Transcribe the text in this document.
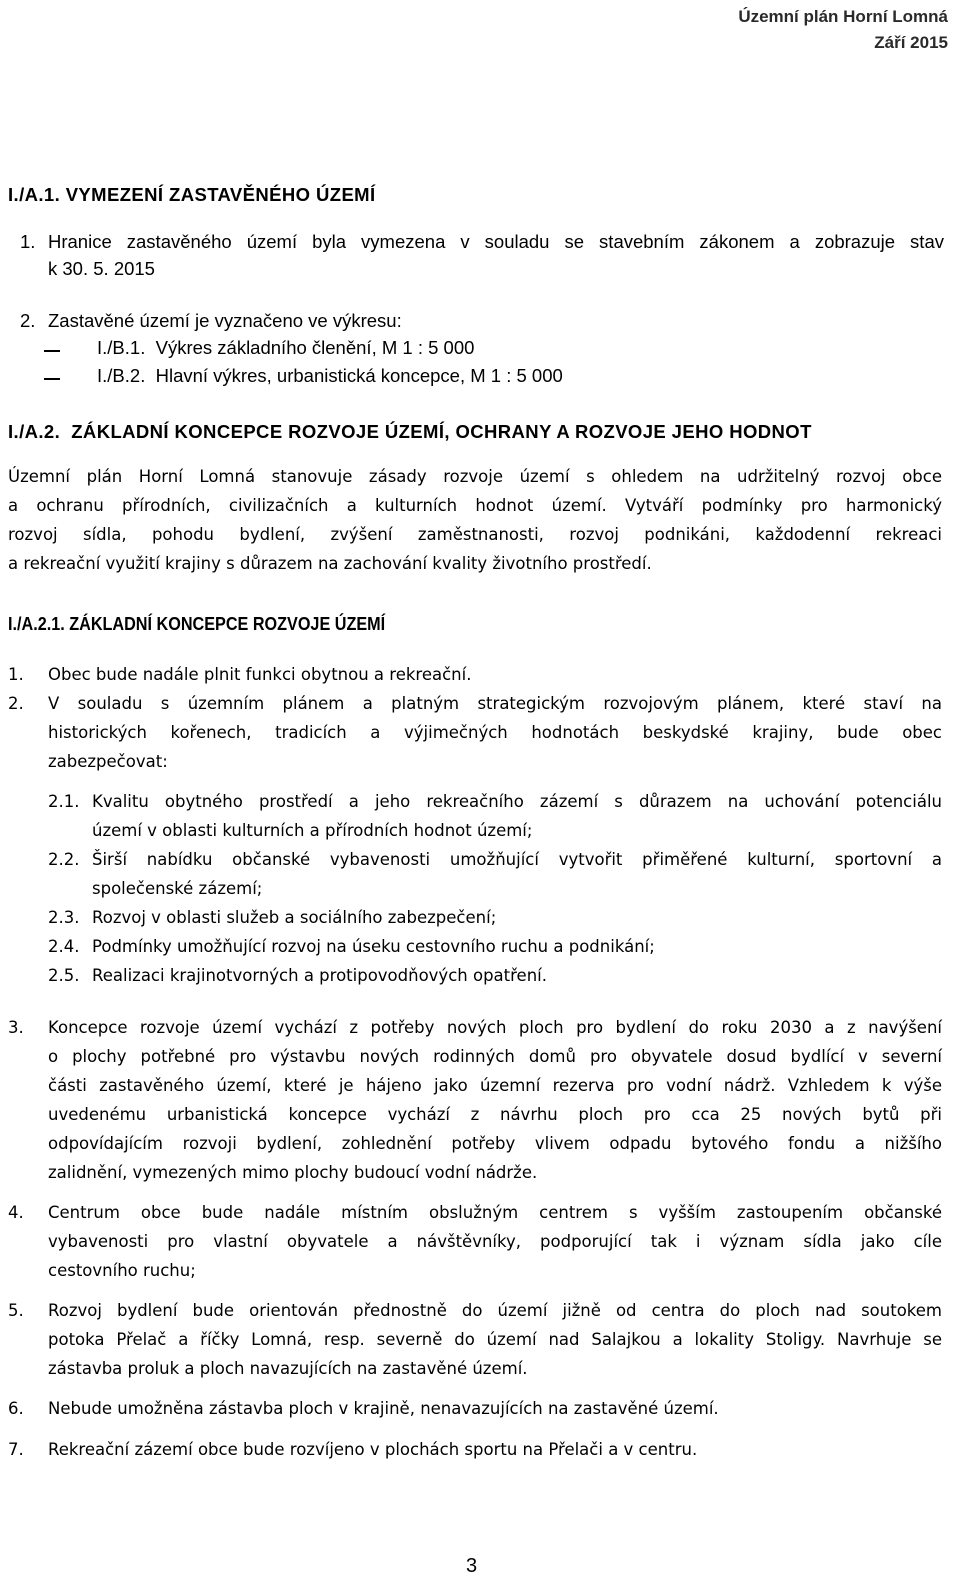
Územní plán Horní Lomná
Září 2015
I./A.1. VYMEZENÍ ZASTAVĚNÉHO ÚZEMÍ
1. Hranice zastavěného území byla vymezena v souladu se stavebním zákonem a zobrazuje stav
k 30. 5. 2015
2. Zastavěné území je vyznačeno ve výkresu:
I./B.1.  Výkres základního členění, M 1 : 5 000
I./B.2.  Hlavní výkres, urbanistická koncepce, M 1 : 5 000
I./A.2.  ZÁKLADNÍ KONCEPCE ROZVOJE ÚZEMÍ, OCHRANY A ROZVOJE JEHO HODNOT
Územní plán Horní Lomná stanovuje zásady rozvoje území s ohledem na udržitelný rozvoj obce
a ochranu přírodních, civilizačních a kulturních hodnot území. Vytváří podmínky pro harmonický
rozvoj sídla, pohodu bydlení, zvýšení zaměstnanosti, rozvoj podnikáni, každodenní rekreaci
a rekreační využití krajiny s důrazem na zachování kvality životního prostředí.
I./A.2.1. ZÁKLADNÍ KONCEPCE ROZVOJE ÚZEMÍ
1. Obec bude nadále plnit funkci obytnou a rekreační.
2. V souladu s územním plánem a platným strategickým rozvojovým plánem, které staví na
historických kořenech, tradicích a výjimečných hodnotách beskydské krajiny, bude obec
zabezpečovat:
2.1. Kvalitu obytného prostředí a jeho rekreačního zázemí s důrazem na uchování potenciálu
území v oblasti kulturních a přírodních hodnot území;
2.2. Širší nabídku občanské vybavenosti umožňující vytvořit přiměřené kulturní, sportovní a
společenské zázemí;
2.3. Rozvoj v oblasti služeb a sociálního zabezpečení;
2.4. Podmínky umožňující rozvoj na úseku cestovního ruchu a podnikání;
2.5. Realizaci krajinotvorných a protipovodňových opatření.
3. Koncepce rozvoje území vychází z potřeby nových ploch pro bydlení do roku 2030 a z navýšení
o plochy potřebné pro výstavbu nových rodinných domů pro obyvatele dosud bydlící v severní
části zastavěného území, které je hájeno jako územní rezerva pro vodní nádrž. Vzhledem k výše
uvedenému urbanistická koncepce vychází z návrhu ploch pro cca 25 nových bytů při
odpovídajícím rozvoji bydlení, zohlednění potřeby vlivem odpadu bytového fondu a nižšího
zalidnění, vymezených mimo plochy budoucí vodní nádrže.
4. Centrum obce bude nadále místním obslužným centrem s vyšším zastoupením občanské
vybavenosti pro vlastní obyvatele a návštěvníky, podporující tak i význam sídla jako cíle
cestovního ruchu;
5. Rozvoj bydlení bude orientován přednostně do území jižně od centra do ploch nad soutokem
potoka Přelač a říčky Lomná, resp. severně do území nad Salajkou a lokality Stoligy. Navrhuje se
zástavba proluk a ploch navazujících na zastavěné území.
6. Nebude umožněna zástavba ploch v krajině, nenavazujících na zastavěné území.
7. Rekreační zázemí obce bude rozvíjeno v plochách sportu na Přelači a v centru.
3
